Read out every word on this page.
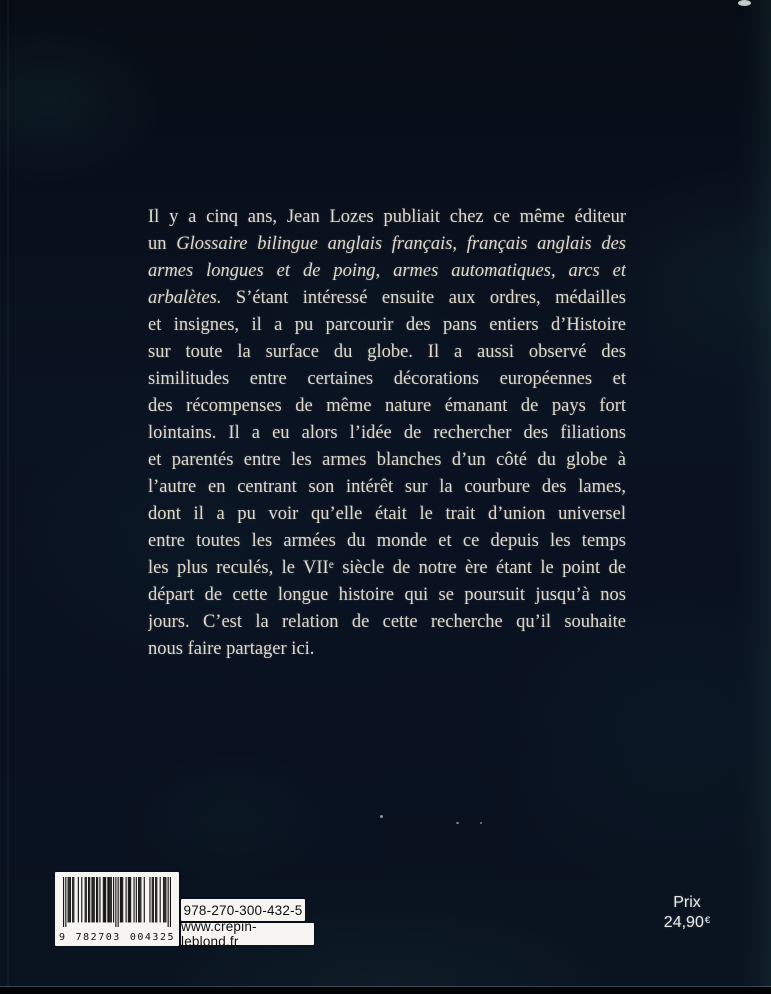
Il y a cinq ans, Jean Lozes publiait chez ce même éditeur
un Glossaire bilingue anglais français, français anglais des
armes longues et de poing, armes automatiques, arcs et
arbalètes. S’étant intéressé ensuite aux ordres, médailles
et insignes, il a pu parcourir des pans entiers d’Histoire
sur toute la surface du globe. Il a aussi observé des
similitudes entre certaines décorations européennes et
des récompenses de même nature émanant de pays fort
lointains. Il a eu alors l’idée de rechercher des filiations
et parentés entre les armes blanches d’un côté du globe à
l’autre en centrant son intérêt sur la courbure des lames,
dont il a pu voir qu’elle était le trait d’union universel
entre toutes les armées du monde et ce depuis les temps
les plus reculés, le VIIe siècle de notre ère étant le point de
départ de cette longue histoire qui se poursuit jusqu’à nos
jours. C’est la relation de cette recherche qu’il souhaite
nous faire partager ici.
9 782703 004325
978-270-300-432-5
www.crepin-leblond.fr
Prix
24,90€
